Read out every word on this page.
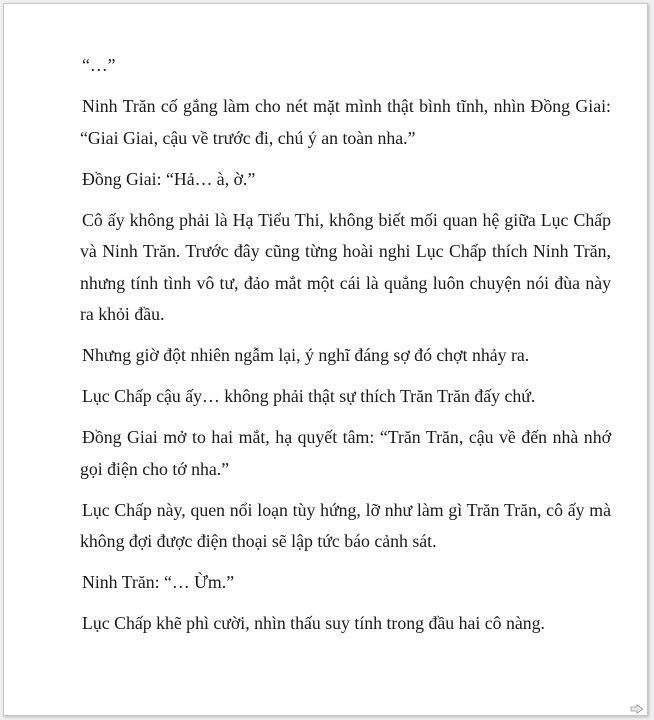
“…”

Ninh Trăn cố gắng làm cho nét mặt mình thật bình tĩnh, nhìn Đồng Giai: “Giai Giai, cậu về trước đi, chú ý an toàn nha.”

Đồng Giai: “Hả… à, ờ.”

Cô ấy không phải là Hạ Tiểu Thi, không biết mối quan hệ giữa Lục Chấp và Ninh Trăn. Trước đây cũng từng hoài nghi Lục Chấp thích Ninh Trăn, nhưng tính tình vô tư, đảo mắt một cái là quẳng luôn chuyện nói đùa này ra khỏi đầu.

Nhưng giờ đột nhiên ngẫm lại, ý nghĩ đáng sợ đó chợt nhảy ra.

Lục Chấp cậu ấy… không phải thật sự thích Trăn Trăn đấy chứ.

Đồng Giai mở to hai mắt, hạ quyết tâm: “Trăn Trăn, cậu về đến nhà nhớ gọi điện cho tớ nha.”

Lục Chấp này, quen nổi loạn tùy hứng, lỡ như làm gì Trăn Trăn, cô ấy mà không đợi được điện thoại sẽ lập tức báo cảnh sát.

Ninh Trăn: “… Ừm.”

Lục Chấp khẽ phì cười, nhìn thấu suy tính trong đầu hai cô nàng.
